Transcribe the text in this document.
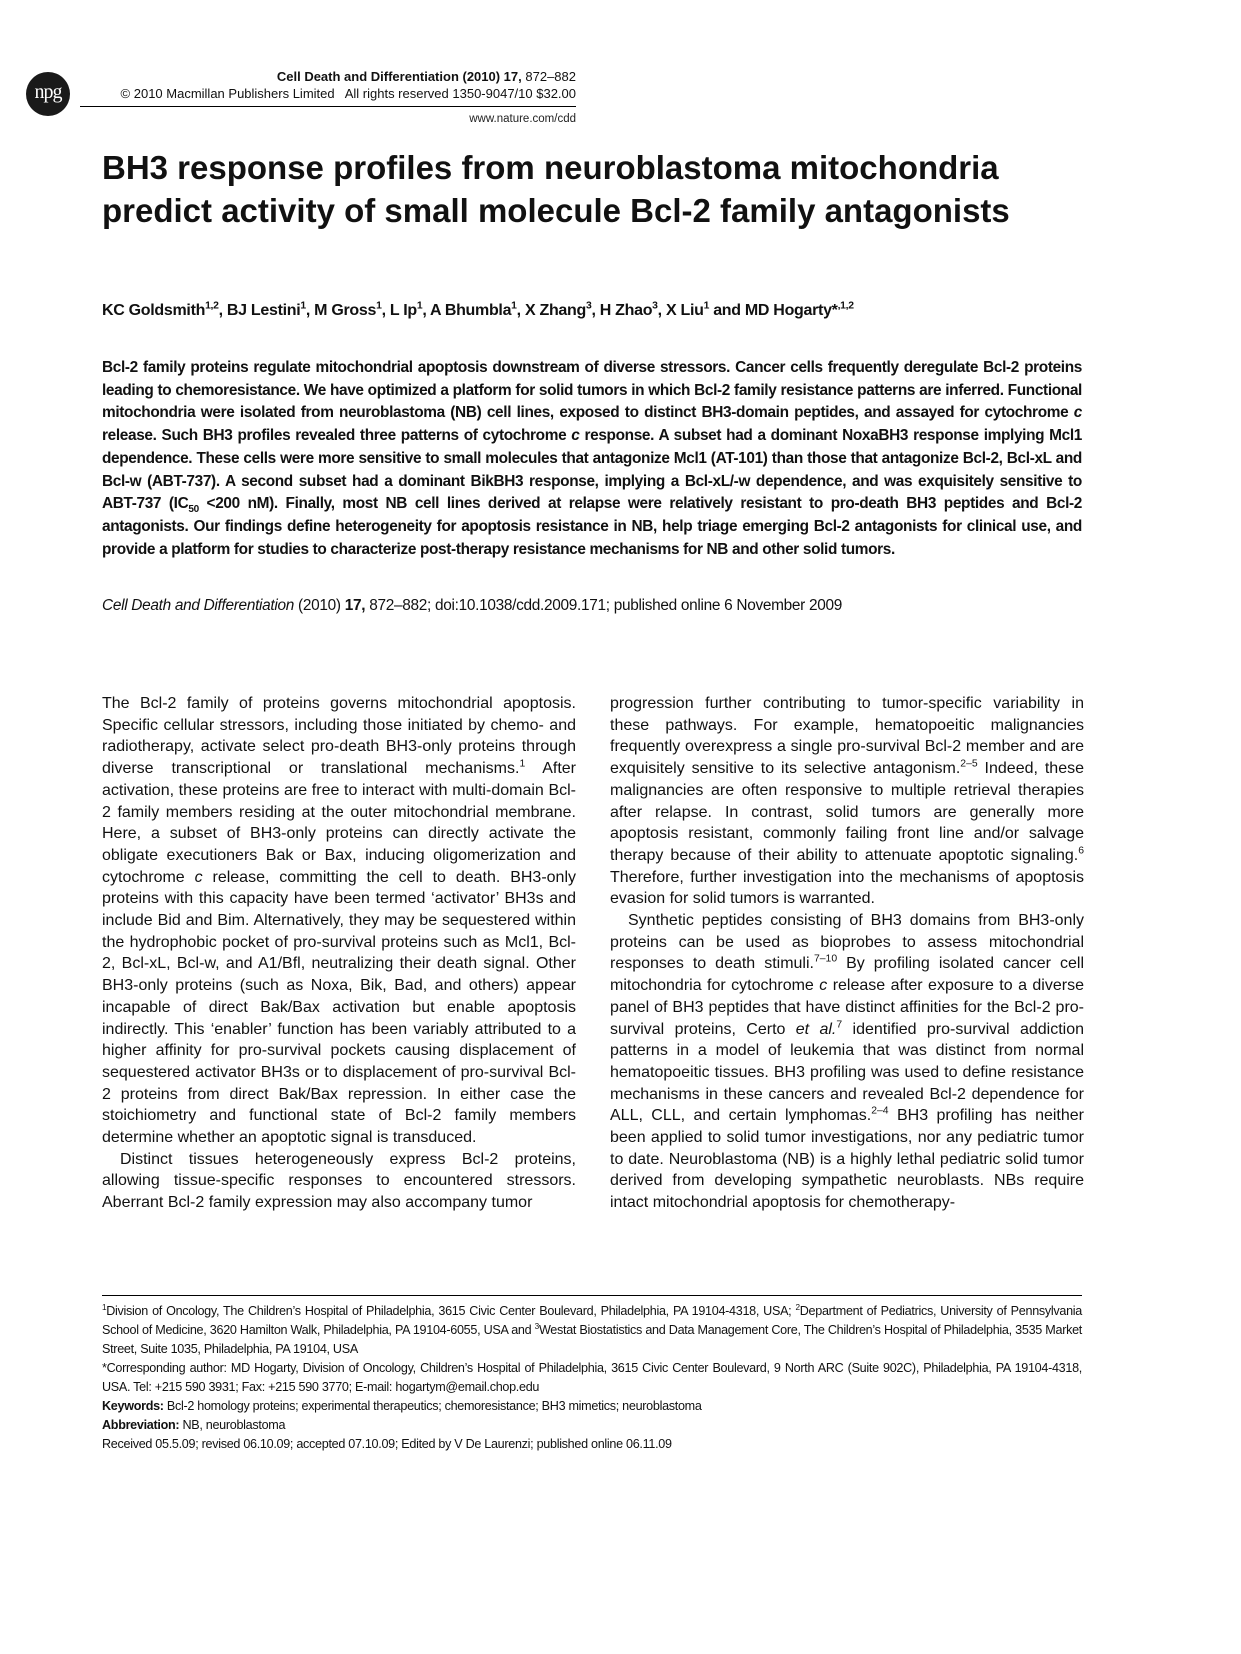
npg
Cell Death and Differentiation (2010) 17, 872–882
© 2010 Macmillan Publishers Limited   All rights reserved 1350-9047/10 $32.00
www.nature.com/cdd
BH3 response profiles from neuroblastoma mitochondria predict activity of small molecule Bcl-2 family antagonists
KC Goldsmith$^{1,2}$, BJ Lestini$^1$, M Gross$^1$, L Ip$^1$, A Bhumbla$^1$, X Zhang$^3$, H Zhao$^3$, X Liu$^1$ and MD Hogarty*$^{,1,2}$

Bcl-2 family proteins regulate mitochondrial apoptosis downstream of diverse stressors. Cancer cells frequently deregulate Bcl-2 proteins leading to chemoresistance. We have optimized a platform for solid tumors in which Bcl-2 family resistance patterns are inferred. Functional mitochondria were isolated from neuroblastoma (NB) cell lines, exposed to distinct BH3-domain peptides, and assayed for cytochrome c release. Such BH3 profiles revealed three patterns of cytochrome c response. A subset had a dominant NoxaBH3 response implying Mcl1 dependence. These cells were more sensitive to small molecules that antagonize Mcl1 (AT-101) than those that antagonize Bcl-2, Bcl-xL and Bcl-w (ABT-737). A second subset had a dominant BikBH3 response, implying a Bcl-xL/-w dependence, and was exquisitely sensitive to ABT-737 ($IC_{50} <200$ nM). Finally, most NB cell lines derived at relapse were relatively resistant to pro-death BH3 peptides and Bcl-2 antagonists. Our findings define heterogeneity for apoptosis resistance in NB, help triage emerging Bcl-2 antagonists for clinical use, and provide a platform for studies to characterize post-therapy resistance mechanisms for NB and other solid tumors.

Cell Death and Differentiation (2010) 17, 872–882; doi:10.1038/cdd.2009.171; published online 6 November 2009

The Bcl-2 family of proteins governs mitochondrial apoptosis. Specific cellular stressors, including those initiated by chemo- and radiotherapy, activate select pro-death BH3-only proteins through diverse transcriptional or translational mechanisms.$^1$ After activation, these proteins are free to interact with multi-domain Bcl-2 family members residing at the outer mitochondrial membrane. Here, a subset of BH3-only proteins can directly activate the obligate executioners Bak or Bax, inducing oligomerization and cytochrome c release, committing the cell to death. BH3-only proteins with this capacity have been termed ‘activator’ BH3s and include Bid and Bim. Alternatively, they may be sequestered within the hydrophobic pocket of pro-survival proteins such as Mcl1, Bcl-2, Bcl-xL, Bcl-w, and A1/Bfl, neutralizing their death signal. Other BH3-only proteins (such as Noxa, Bik, Bad, and others) appear incapable of direct Bak/Bax activation but enable apoptosis indirectly. This ‘enabler’ function has been variably attributed to a higher affinity for pro-survival pockets causing displacement of sequestered activator BH3s or to displacement of pro-survival Bcl-2 proteins from direct Bak/Bax repression. In either case the stoichiometry and functional state of Bcl-2 family members determine whether an apoptotic signal is transduced.

Distinct tissues heterogeneously express Bcl-2 proteins, allowing tissue-specific responses to encountered stressors. Aberrant Bcl-2 family expression may also accompany tumor

progression further contributing to tumor-specific variability in these pathways. For example, hematopoeitic malignancies frequently overexpress a single pro-survival Bcl-2 member and are exquisitely sensitive to its selective antagonism.$^{2-5}$ Indeed, these malignancies are often responsive to multiple retrieval therapies after relapse. In contrast, solid tumors are generally more apoptosis resistant, commonly failing front line and/or salvage therapy because of their ability to attenuate apoptotic signaling.$^6$ Therefore, further investigation into the mechanisms of apoptosis evasion for solid tumors is warranted.

Synthetic peptides consisting of BH3 domains from BH3-only proteins can be used as bioprobes to assess mitochondrial responses to death stimuli.$^{7-10}$ By profiling isolated cancer cell mitochondria for cytochrome c release after exposure to a diverse panel of BH3 peptides that have distinct affinities for the Bcl-2 pro-survival proteins, Certo et al.$^7$ identified pro-survival addiction patterns in a model of leukemia that was distinct from normal hematopoeitic tissues. BH3 profiling was used to define resistance mechanisms in these cancers and revealed Bcl-2 dependence for ALL, CLL, and certain lymphomas.$^{2-4}$ BH3 profiling has neither been applied to solid tumor investigations, nor any pediatric tumor to date. Neuroblastoma (NB) is a highly lethal pediatric solid tumor derived from developing sympathetic neuroblasts. NBs require intact mitochondrial apoptosis for chemotherapy-

$^1$Division of Oncology, The Children’s Hospital of Philadelphia, 3615 Civic Center Boulevard, Philadelphia, PA 19104-4318, USA; $^2$Department of Pediatrics, University of Pennsylvania School of Medicine, 3620 Hamilton Walk, Philadelphia, PA 19104-6055, USA and $^3$Westat Biostatistics and Data Management Core, The Children’s Hospital of Philadelphia, 3535 Market Street, Suite 1035, Philadelphia, PA 19104, USA

*Corresponding author: MD Hogarty, Division of Oncology, Children’s Hospital of Philadelphia, 3615 Civic Center Boulevard, 9 North ARC (Suite 902C), Philadelphia, PA 19104-4318, USA. Tel: +215 590 3931; Fax: +215 590 3770; E-mail: hogartym@email.chop.edu

Keywords: Bcl-2 homology proteins; experimental therapeutics; chemoresistance; BH3 mimetics; neuroblastoma

Abbreviation: NB, neuroblastoma

Received 05.5.09; revised 06.10.09; accepted 07.10.09; Edited by V De Laurenzi; published online 06.11.09
